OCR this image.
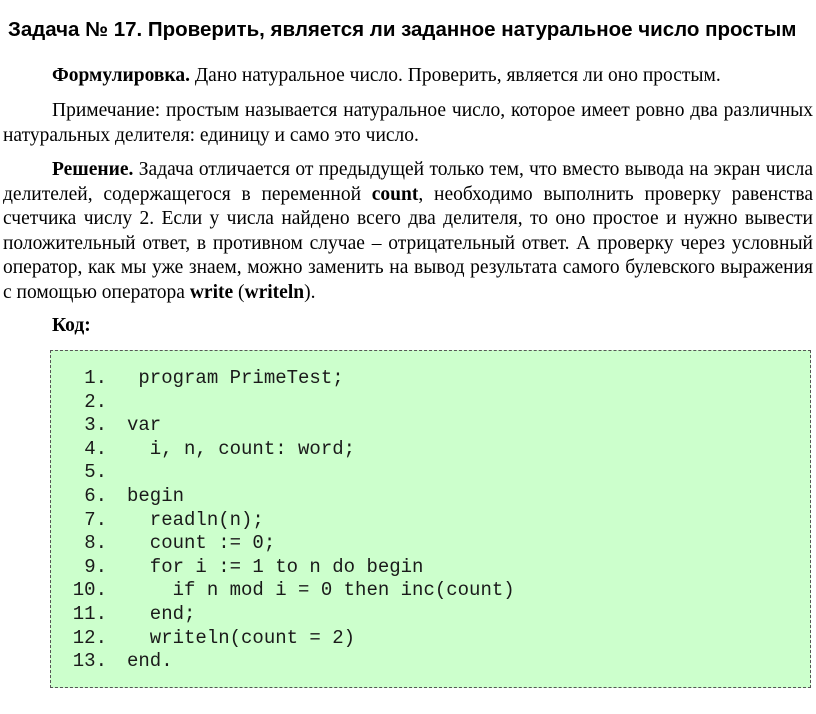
Задача № 17. Проверить, является ли заданное натуральное число простым

Формулировка. Дано натуральное число. Проверить, является ли оно простым.

Примечание: простым называется натуральное число, которое имеет ровно два различных натуральных делителя: единицу и само это число.

Решение. Задача отличается от предыдущей только тем, что вместо вывода на экран числа делителей, содержащегося в переменной count, необходимо выполнить проверку равенства счетчика числу 2. Если у числа найдено всего два делителя, то оно простое и нужно вывести положительный ответ, в противном случае – отрицательный ответ. А проверку через условный оператор, как мы уже знаем, можно заменить на вывод результата самого булевского выражения с помощью оператора write (writeln).

Код:

1. program PrimeTest;
2.
3. var
4.  i, n, count: word;
5.
6. begin
7.  readln(n);
8.  count := 0;
9.  for i := 1 to n do begin
10.    if n mod i = 0 then inc(count)
11.  end;
12.  writeln(count = 2)
13. end.
